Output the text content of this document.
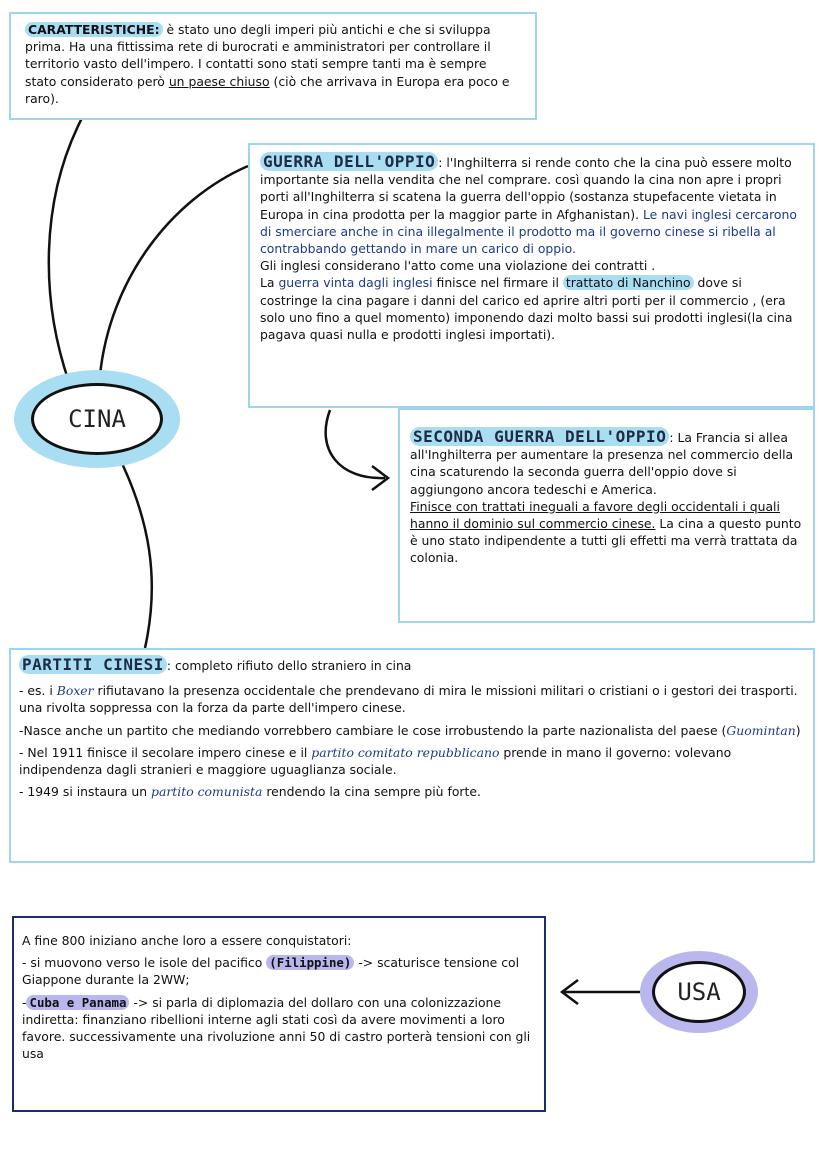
CARATTERISTICHE: è stato uno degli imperi più antichi e che si sviluppa prima. Ha una fittissima rete di burocrati e amministratori per controllare il territorio vasto dell'impero. I contatti sono stati sempre tanti ma è sempre stato considerato però un paese chiuso (ciò che arrivava in Europa era poco e raro).

CINA

GUERRA DELL'OPPIO : l'Inghilterra si rende conto che la cina può essere molto importante sia nella vendita che nel comprare. così quando la cina non apre i propri porti all'Inghilterra si scatena la guerra dell'oppio (sostanza stupefacente vietata in Europa in cina prodotta per la maggior parte in Afghanistan). Le navi inglesi cercarono di smerciare anche in cina illegalmente il prodotto ma il governo cinese si ribella al contrabbando gettando in mare un carico di oppio.

Gli inglesi considerano l'atto come una violazione dei contratti .

La guerra vinta dagli inglesi finisce nel firmare il trattato di Nanchino dove si costringe la cina pagare i danni del carico ed aprire altri porti per il commercio , (era solo uno fino a quel momento) imponendo dazi molto bassi sui prodotti inglesi(la cina pagava quasi nulla e prodotti inglesi importati).

SECONDA GUERRA DELL'OPPIO : La Francia si allea all'Inghilterra per aumentare la presenza nel commercio della cina scaturendo la seconda guerra dell'oppio dove si aggiungono ancora tedeschi e America.

Finisce con trattati ineguali a favore degli occidentali i quali hanno il dominio sul commercio cinese. La cina a questo punto è uno stato indipendente a tutti gli effetti ma verrà trattata da colonia.

PARTITI CINESI : completo rifiuto dello straniero in cina

- es. i Boxer rifiutavano la presenza occidentale che prendevano di mira le missioni militari o cristiani o i gestori dei trasporti. una rivolta soppressa con la forza da parte dell'impero cinese.

-Nasce anche un partito che mediando vorrebbero cambiare le cose irrobustendo la parte nazionalista del paese (Guomintan)

- Nel 1911 finisce il secolare impero cinese e il partito comitato repubblicano prende in mano il governo: volevano indipendenza dagli stranieri e maggiore uguaglianza sociale.

- 1949 si instaura un partito comunista rendendo la cina sempre più forte.

A fine 800 iniziano anche loro a essere conquistatori:

- si muovono verso le isole del pacifico (Filippine) -> scaturisce tensione col Giappone durante la 2WW;

- Cuba e Panama -> si parla di diplomazia del dollaro con una colonizzazione indiretta: finanziano ribellioni interne agli stati così da avere movimenti a loro favore. successivamente una rivoluzione anni 50 di castro porterà tensioni con gli usa

USA
